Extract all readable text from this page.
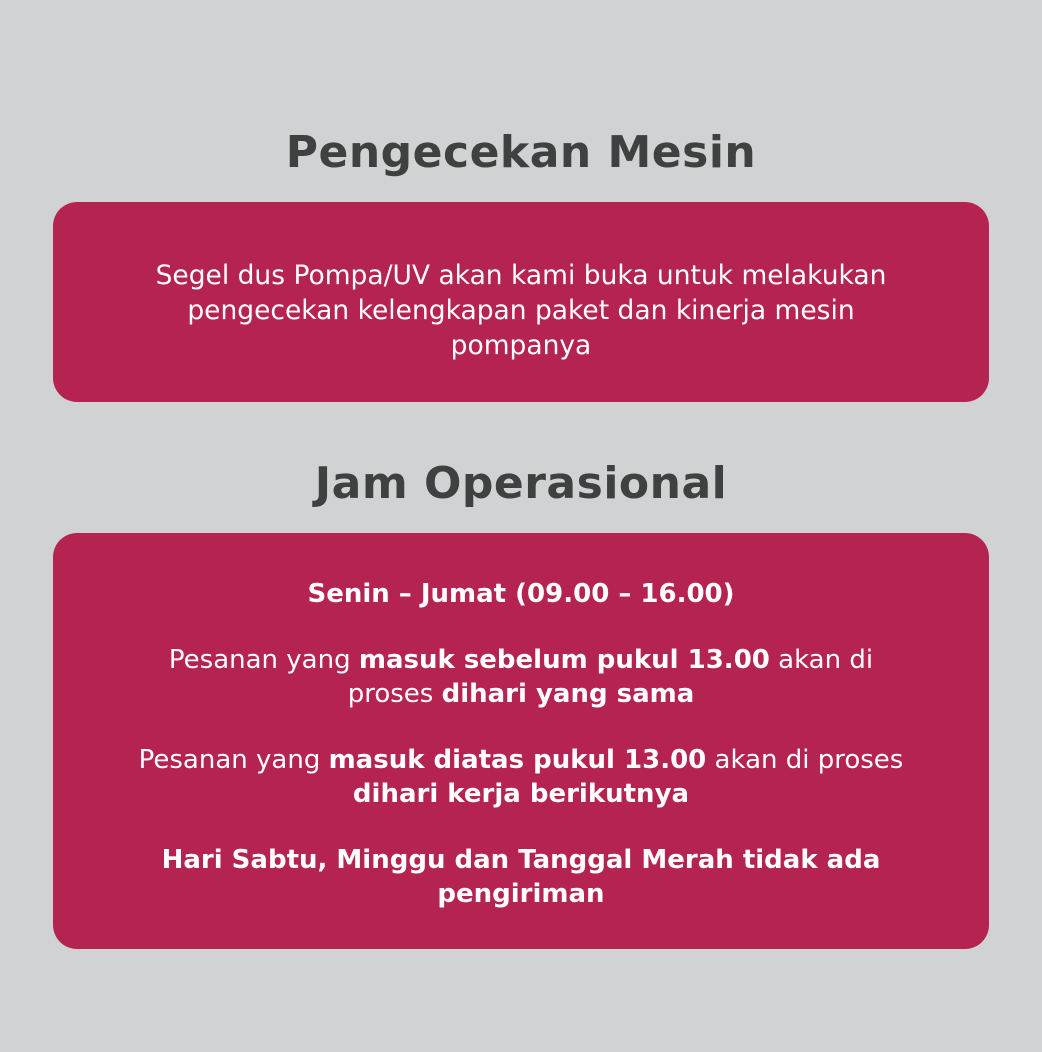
Pengecekan Mesin

Segel dus Pompa/UV akan kami buka untuk melakukan
pengecekan kelengkapan paket dan kinerja mesin
pompanya

Jam Operasional

Senin – Jumat (09.00 – 16.00)

Pesanan yang masuk sebelum pukul 13.00 akan di
proses dihari yang sama

Pesanan yang masuk diatas pukul 13.00 akan di proses
dihari kerja berikutnya

Hari Sabtu, Minggu dan Tanggal Merah tidak ada
pengiriman
